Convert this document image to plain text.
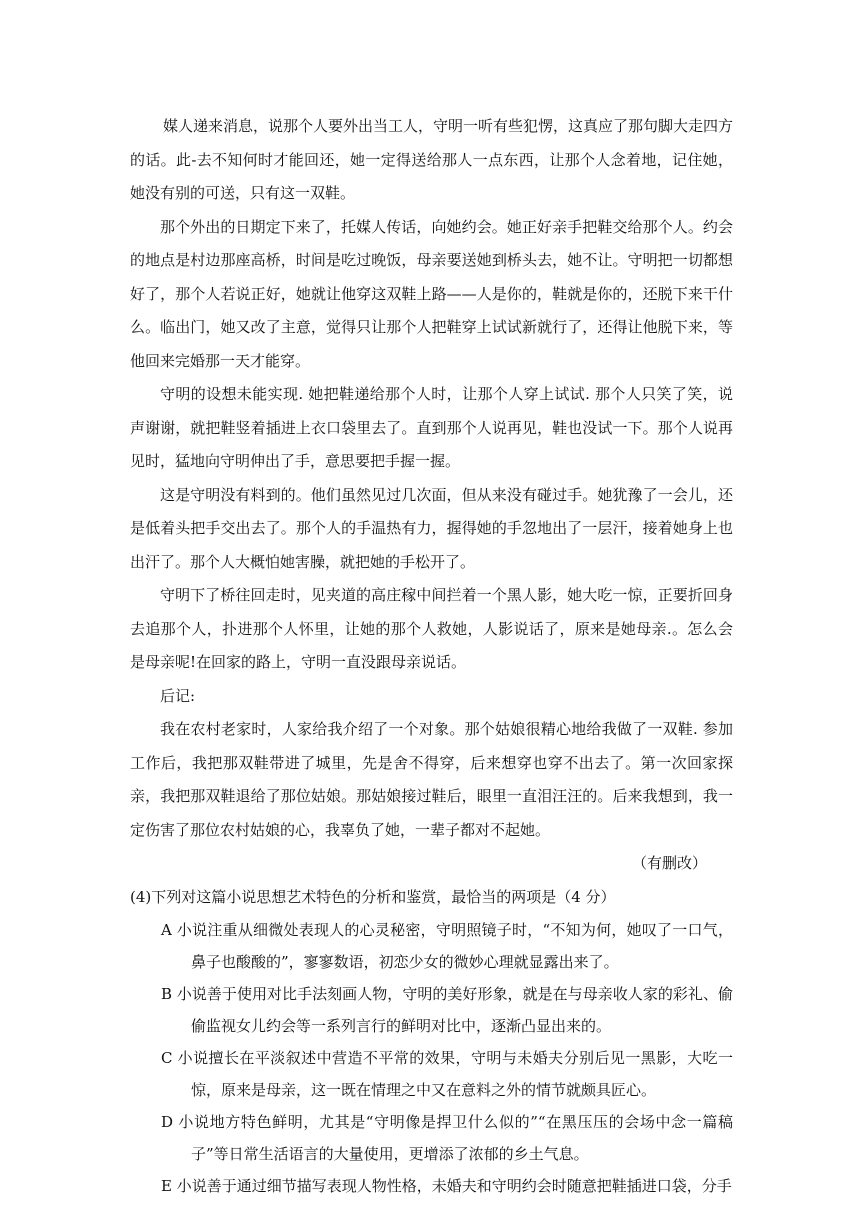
媒人递来消息，说那个人要外出当工人，守明一听有些犯愣，这真应了那句脚大走四方的话。此-去不知何时才能回还，她一定得送给那人一点东西，让那个人念着地，记住她，她没有别的可送，只有这一双鞋。

那个外出的日期定下来了，托媒人传话，向她约会。她正好亲手把鞋交给那个人。约会的地点是村边那座高桥，时间是吃过晚饭，母亲要送她到桥头去，她不让。守明把一切都想好了，那个人若说正好，她就让他穿这双鞋上路——人是你的，鞋就是你的，还脱下来干什么。临出门，她又改了主意，觉得只让那个人把鞋穿上试试新就行了，还得让他脱下来，等他回来完婚那一天才能穿。

守明的设想未能实现. 她把鞋递给那个人时，让那个人穿上试试. 那个人只笑了笑，说声谢谢，就把鞋竖着插进上衣口袋里去了。直到那个人说再见，鞋也没试一下。那个人说再见时，猛地向守明伸出了手，意思要把手握一握。

这是守明没有料到的。他们虽然见过几次面，但从来没有碰过手。她犹豫了一会儿，还是低着头把手交出去了。那个人的手温热有力，握得她的手忽地出了一层汗，接着她身上也出汗了。那个人大概怕她害臊，就把她的手松开了。

守明下了桥往回走时，见夹道的高庄稼中间拦着一个黑人影，她大吃一惊，正要折回身去追那个人，扑进那个人怀里，让她的那个人救她，人影说话了，原来是她母亲.。怎么会是母亲呢!在回家的路上，守明一直没跟母亲说话。

后记:

我在农村老家时，人家给我介绍了一个对象。那个姑娘很精心地给我做了一双鞋. 参加工作后，我把那双鞋带进了城里，先是舍不得穿，后来想穿也穿不出去了。第一次回家探亲，我把那双鞋退给了那位姑娘。那姑娘接过鞋后，眼里一直泪汪汪的。后来我想到，我一定伤害了那位农村姑娘的心，我辜负了她，一辈子都对不起她。

（有删改）

(4)下列对这篇小说思想艺术特色的分析和鉴赏，最恰当的两项是（4 分）

A 小说注重从细微处表现人的心灵秘密，守明照镜子时，“不知为何，她叹了一口气，鼻子也酸酸的”，寥寥数语，初恋少女的微妙心理就显露出来了。

B 小说善于使用对比手法刻画人物，守明的美好形象，就是在与母亲收人家的彩礼、偷偷监视女儿约会等一系列言行的鲜明对比中，逐渐凸显出来的。

C 小说擅长在平淡叙述中营造不平常的效果，守明与未婚夫分别后见一黑影，大吃一惊，原来是母亲，这一既在情理之中又在意料之外的情节就颇具匠心。

D 小说地方特色鲜明，尤其是“守明像是捍卫什么似的”“在黑压压的会场中念一篇稿子”等日常生活语言的大量使用，更增添了浓郁的乡土气息。

E 小说善于通过细节描写表现人物性格，未婚夫和守明约会时随意把鞋插进口袋，分手
